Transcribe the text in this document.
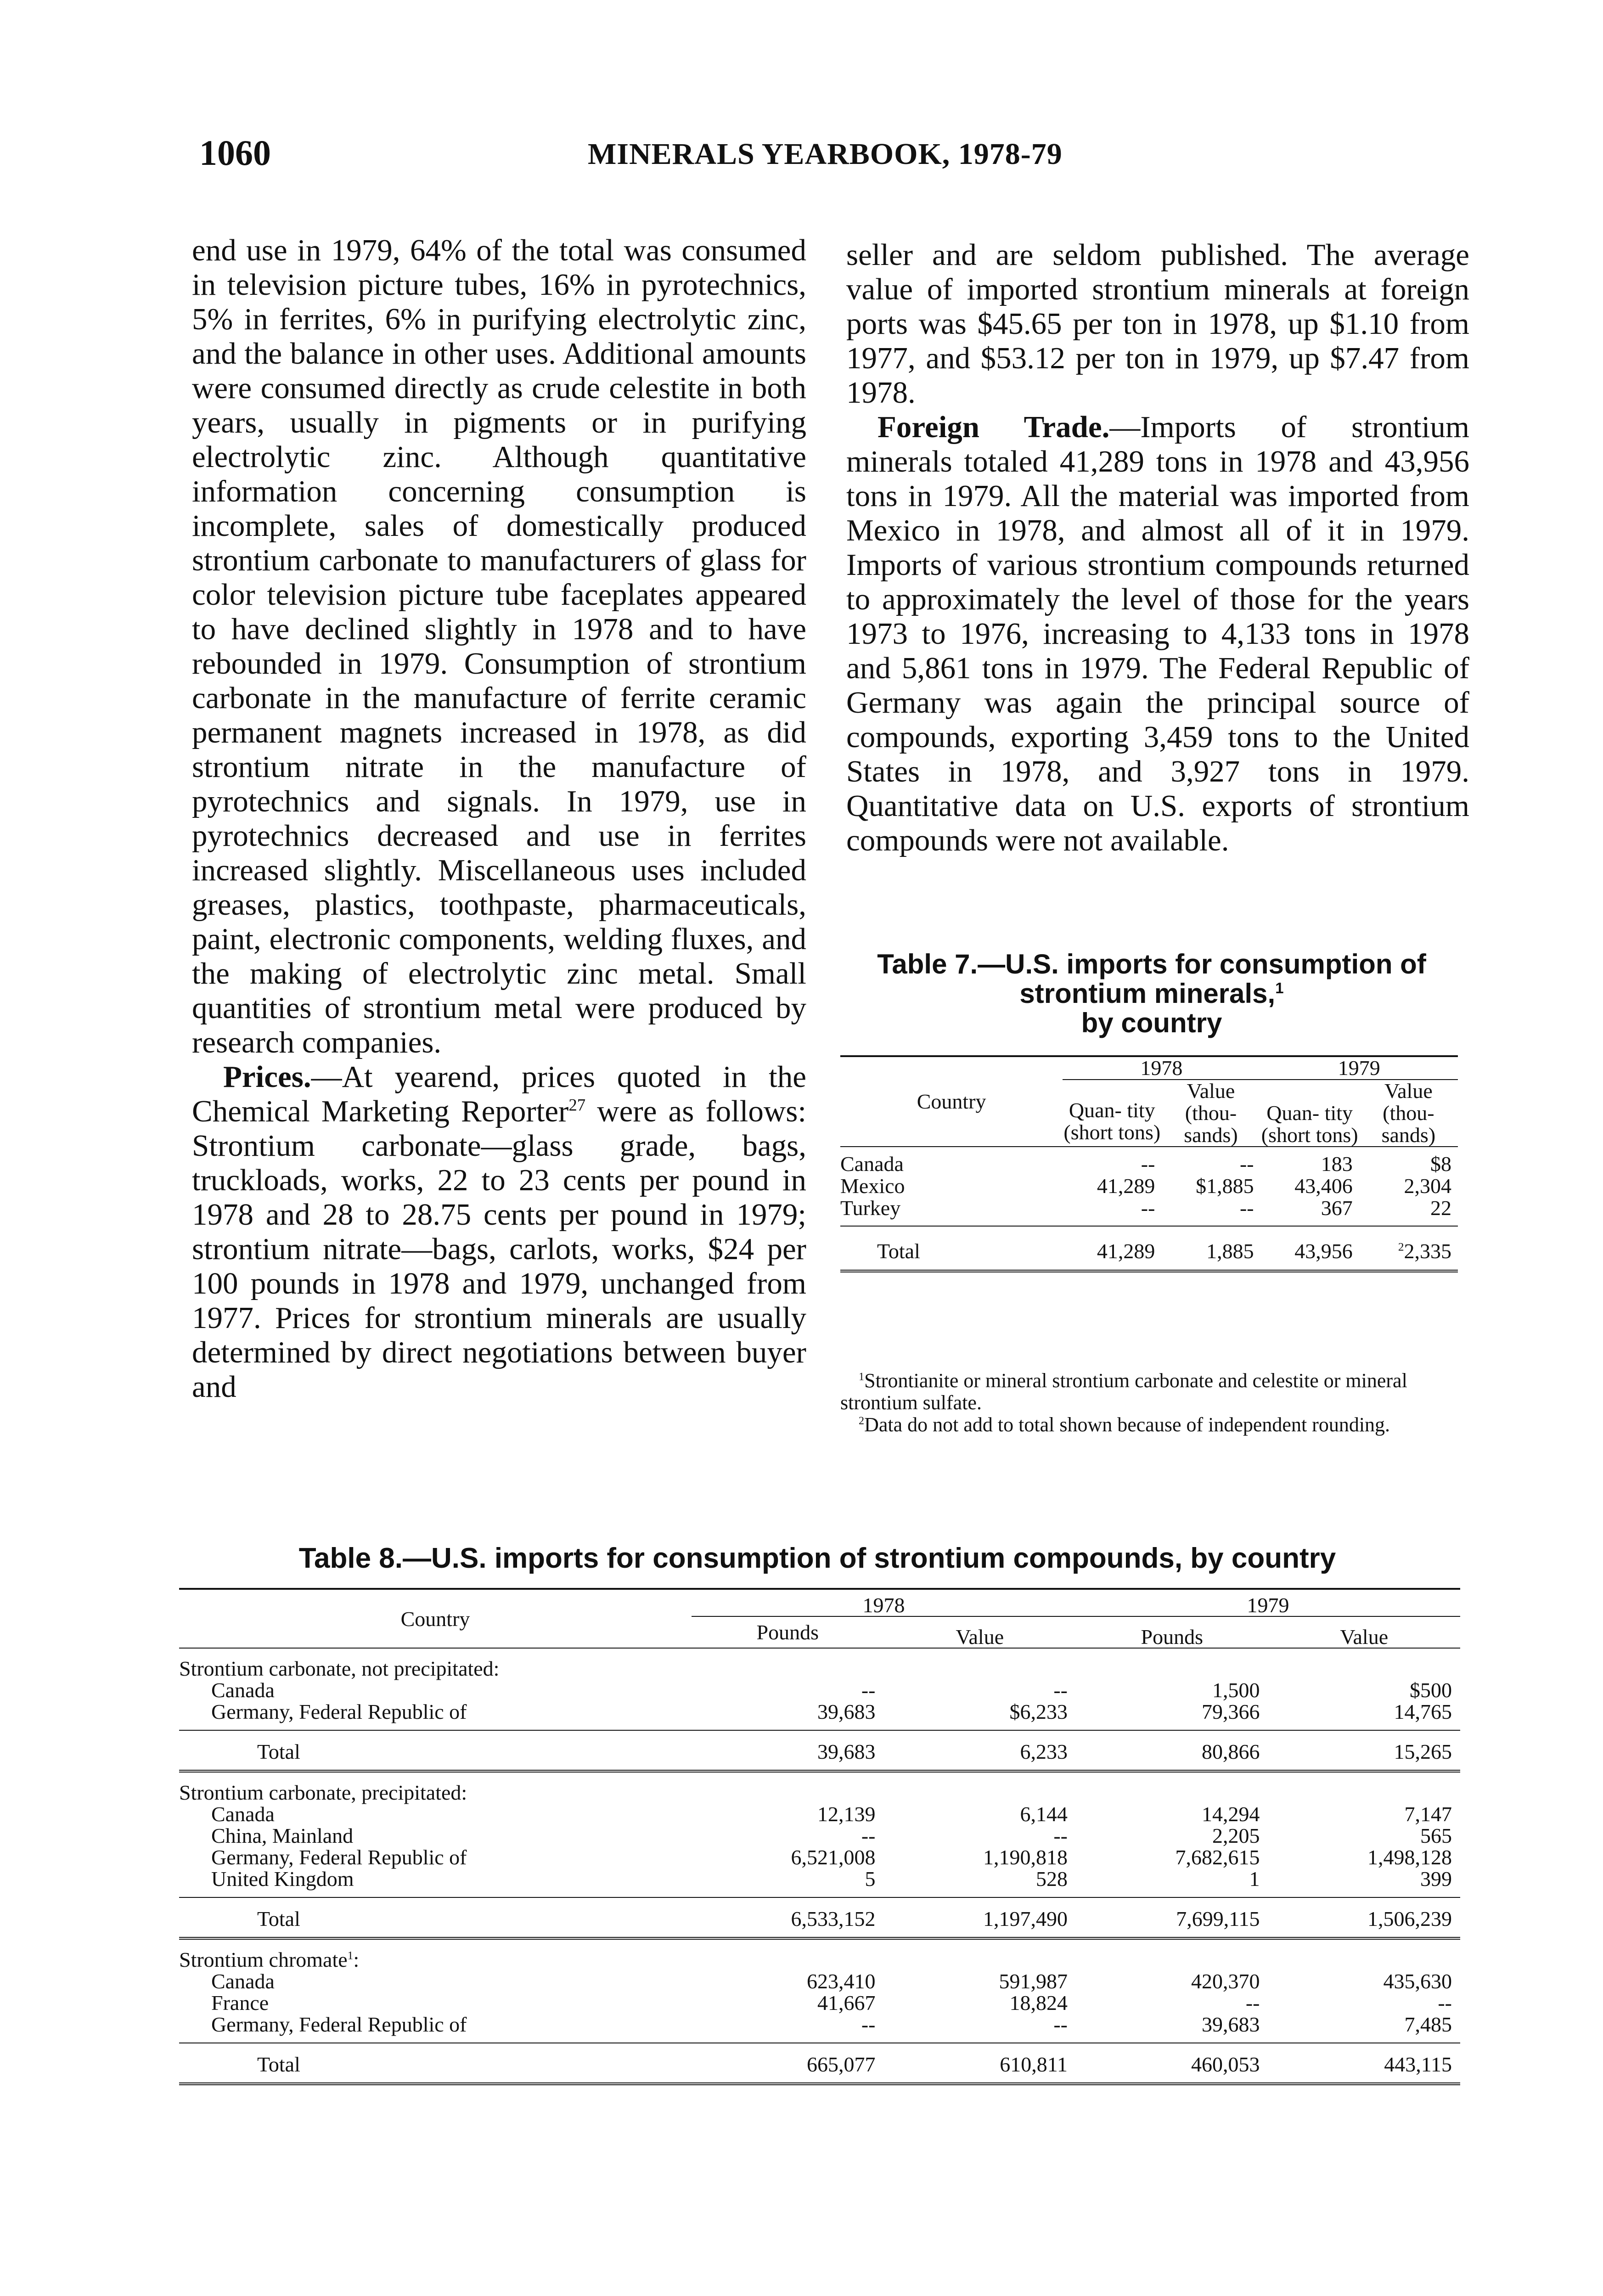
1060	MINERALS YEARBOOK, 1978-79

end use in 1979, 64% of the total was consumed in television picture tubes, 16% in pyrotechnics, 5% in ferrites, 6% in purifying electrolytic zinc, and the balance in other uses. Additional amounts were consumed directly as crude celestite in both years, usually in pigments or in purifying electrolytic zinc. Although quantitative information concerning consumption is incomplete, sales of domestically produced strontium carbonate to manufacturers of glass for color television picture tube faceplates appeared to have declined slightly in 1978 and to have rebounded in 1979. Consumption of strontium carbonate in the manufacture of ferrite ceramic permanent magnets increased in 1978, as did strontium nitrate in the manufacture of pyrotechnics and signals. In 1979, use in pyrotechnics decreased and use in ferrites increased slightly. Miscellaneous uses included greases, plastics, toothpaste, pharmaceuticals, paint, electronic components, welding fluxes, and the making of electrolytic zinc metal. Small quantities of strontium metal were produced by research companies.

Prices.—At yearend, prices quoted in the Chemical Marketing Reporter$^{27}$ were as follows: Strontium carbonate—glass grade, bags, truckloads, works, 22 to 23 cents per pound in 1978 and 28 to 28.75 cents per pound in 1979; strontium nitrate—bags, carlots, works, $24 per 100 pounds in 1978 and 1979, unchanged from 1977. Prices for strontium minerals are usually determined by direct negotiations between buyer and

seller and are seldom published. The average value of imported strontium minerals at foreign ports was $45.65 per ton in 1978, up $1.10 from 1977, and $53.12 per ton in 1979, up $7.47 from 1978.

Foreign Trade.—Imports of strontium minerals totaled 41,289 tons in 1978 and 43,956 tons in 1979. All the material was imported from Mexico in 1978, and almost all of it in 1979. Imports of various strontium compounds returned to approximately the level of those for the years 1973 to 1976, increasing to 4,133 tons in 1978 and 5,861 tons in 1979. The Federal Republic of Germany was again the principal source of compounds, exporting 3,459 tons to the United States in 1978, and 3,927 tons in 1979. Quantitative data on U.S. exports of strontium compounds were not available.

Table 7.—U.S. imports for consumption of strontium minerals,$^1$
by country
Country	1978		1979	
	Quan- tity (short tons)	Value (thou- sands)	Quan- tity (short tons)	Value (thou- sands)

Canada	--	--	183	$8
Mexico	41,289	$1,885	43,406	2,304
Turkey	--	--	367	22
Total	41,289	1,885	43,956	$^2$2,335

$^1$Strontianite or mineral strontium carbonate and celestite or mineral strontium sulfate.

$^2$Data do not add to total shown because of independent rounding.

Table 8.—U.S. imports for consumption of strontium compounds, by country
Country	1978		1979	
	Pounds	Value	Pounds	Value
Strontium carbonate, not precipitated:				
Canada	--	--	1,500	$500
Germany, Federal Republic of	39,683	$6,233	79,366	14,765
Total	39,683	6,233	80,866	15,265
Strontium carbonate, precipitated:				
Canada	12,139	6,144	14,294	7,147
China, Mainland	--	--	2,205	565
Germany, Federal Republic of	6,521,008	1,190,818	7,682,615	1,498,128
United Kingdom	5	528	1	399
Total	6,533,152	1,197,490	7,699,115	1,506,239
Strontium chromate$^1$:				
Canada	623,410	591,987	420,370	435,630
France	41,667	18,824	--	--
Germany, Federal Republic of	--	--	39,683	7,485
Total	665,077	610,811	460,053	443,115
